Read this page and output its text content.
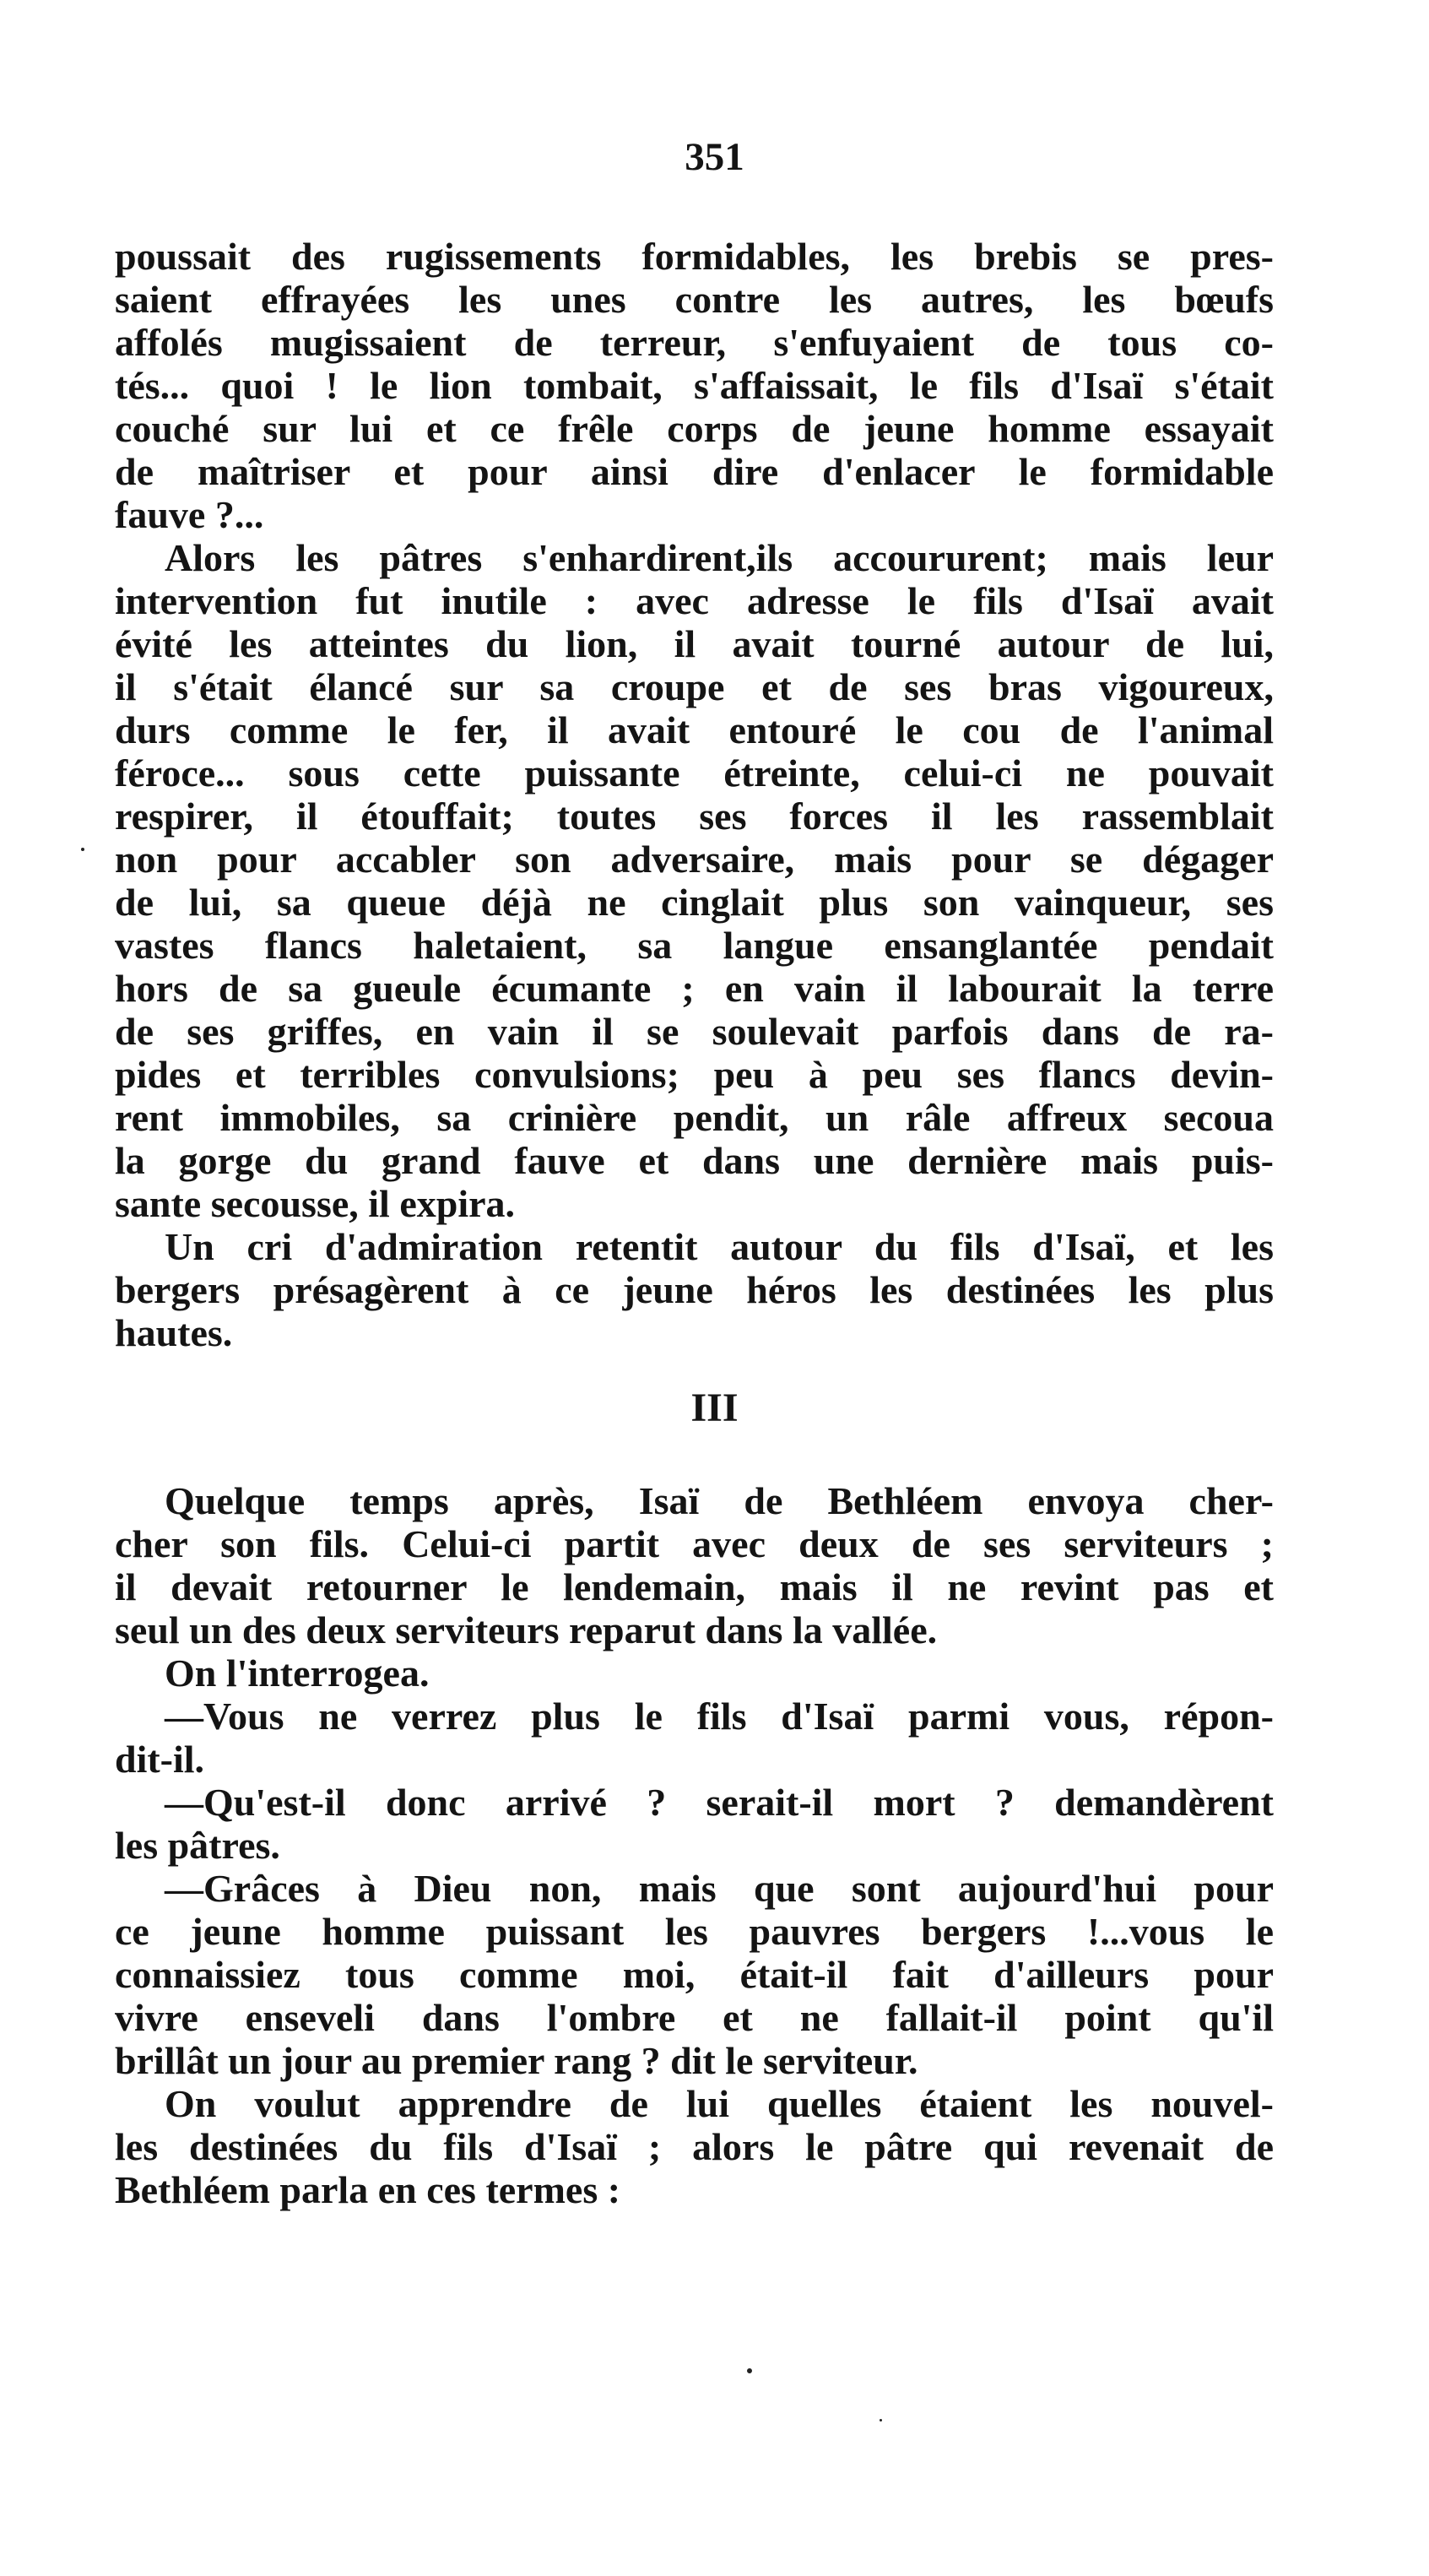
351
poussait des rugissements formidables, les brebis se pres-
saient effrayées les unes contre les autres, les bœufs
affolés mugissaient de terreur, s'enfuyaient de tous co-
tés... quoi ! le lion tombait, s'affaissait, le fils d'Isaï s'était
couché sur lui et ce frêle corps de jeune homme essayait
de maîtriser et pour ainsi dire d'enlacer le formidable
fauve ?...
Alors les pâtres s'enhardirent,ils accoururent; mais leur
intervention fut inutile : avec adresse le fils d'Isaï avait
évité les atteintes du lion, il avait tourné autour de lui,
il s'était élancé sur sa croupe et de ses bras vigoureux,
durs comme le fer, il avait entouré le cou de l'animal
féroce... sous cette puissante étreinte, celui-ci ne pouvait
respirer, il étouffait; toutes ses forces il les rassemblait
non pour accabler son adversaire, mais pour se dégager
de lui, sa queue déjà ne cinglait plus son vainqueur, ses
vastes flancs haletaient, sa langue ensanglantée pendait
hors de sa gueule écumante ; en vain il labourait la terre
de ses griffes, en vain il se soulevait parfois dans de ra-
pides et terribles convulsions; peu à peu ses flancs devin-
rent immobiles, sa crinière pendit, un râle affreux secoua
la gorge du grand fauve et dans une dernière mais puis-
sante secousse, il expira.
Un cri d'admiration retentit autour du fils d'Isaï, et les
bergers présagèrent à ce jeune héros les destinées les plus
hautes.
III
Quelque temps après, Isaï de Bethléem envoya cher-
cher son fils. Celui-ci partit avec deux de ses serviteurs ;
il devait retourner le lendemain, mais il ne revint pas et
seul un des deux serviteurs reparut dans la vallée.
On l'interrogea.
—Vous ne verrez plus le fils d'Isaï parmi vous, répon-
dit-il.
—Qu'est-il donc arrivé ? serait-il mort ? demandèrent
les pâtres.
—Grâces à Dieu non, mais que sont aujourd'hui pour
ce jeune homme puissant les pauvres bergers !...vous le
connaissiez tous comme moi, était-il fait d'ailleurs pour
vivre enseveli dans l'ombre et ne fallait-il point qu'il
brillât un jour au premier rang ? dit le serviteur.
On voulut apprendre de lui quelles étaient les nouvel-
les destinées du fils d'Isaï ; alors le pâtre qui revenait de
Bethléem parla en ces termes :
